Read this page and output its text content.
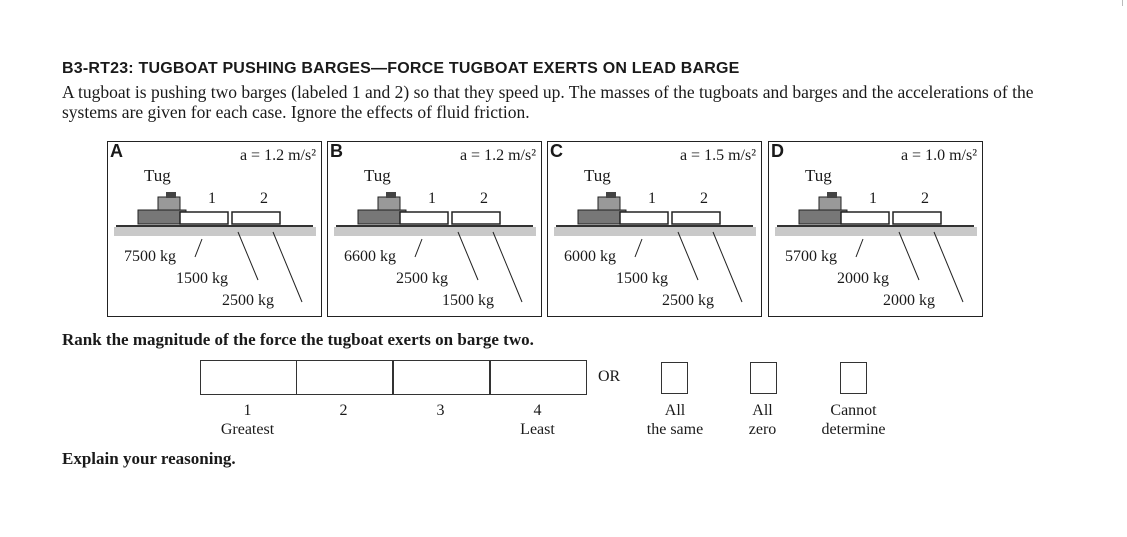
B3-RT23: TUGBOAT PUSHING BARGES—FORCE TUGBOAT EXERTS ON LEAD BARGE
A tugboat is pushing two barges (labeled 1 and 2) so that they speed up. The masses of the tugboats and barges and the accelerations of the systems are given for each case. Ignore the effects of fluid friction.
A	a = 1.2 m/s²
Tug
1	2
7500 kg
1500 kg
2500 kg
B	a = 1.2 m/s²
Tug
1	2
6600 kg
2500 kg
1500 kg
C	a = 1.5 m/s²
Tug
1	2
6000 kg
1500 kg
2500 kg
D	a = 1.0 m/s²
Tug
1	2
5700 kg
2000 kg
2000 kg
Rank the magnitude of the force the tugboat exerts on barge two.
OR
1
Greatest
2	3	4
Least
All
the same
All
zero
Cannot
determine
Explain your reasoning.
